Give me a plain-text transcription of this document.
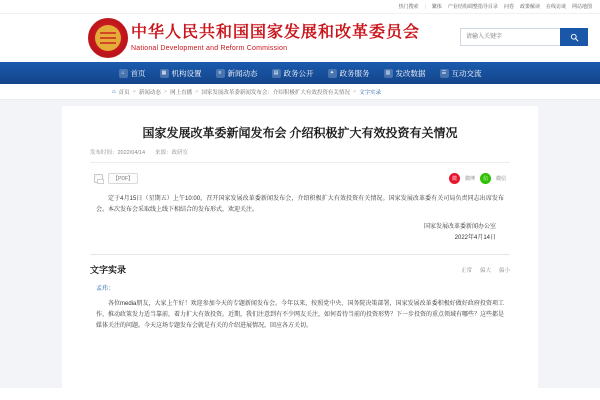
热门搜索 | 繁体 产业结构调整指导目录 问卷 政策解读 在线访谈 网站地图
中华人民共和国国家发展和改革委员会
National Development and Reform Commission
请输入关键字
⌂ 首页	▦ 机构设置	≡ 新闻动态	▤ 政务公开	✦ 政务服务	▥ 发改数据	☰ 互动交流
⌂ 首页 > 新闻动态 > 网上直播 > 国家发展改革委新闻发布会：介绍积极扩大有效投资有关情况 > 文字实录
国家发展改革委新闻发布会 介绍积极扩大有效投资有关情况
发布时间：2022/04/14 来源：政研室
【PDF】	微	微博	信	微信

定于4月15日（星期五）上午10:00，召开国家发展改革委新闻发布会，介绍积极扩大有效投资有关情况。国家发展改革委有关司局负责同志出席发布会。本次发布会采取线上线下相结合的发布形式，欢迎关注。

国家发展改革委新闻办公室
2022年4月14日
文字实录	正常 偏大 偏小

孟玮：

各位media朋友，大家上午好！欢迎参加今天的专题新闻发布会。今年以来，按照党中央、国务院决策部署，国家发展改革委积极好做好政府投资项工作，推动政策发力适当靠前，着力扩大有效投资。近期，我们注意到有不少网友关注，如何看待当前的投资形势？下一步投资的重点领域有哪些？这些都是媒体关注的问题。今天这场专题发布会就是有关的介绍进展情况，回应各方关切。
